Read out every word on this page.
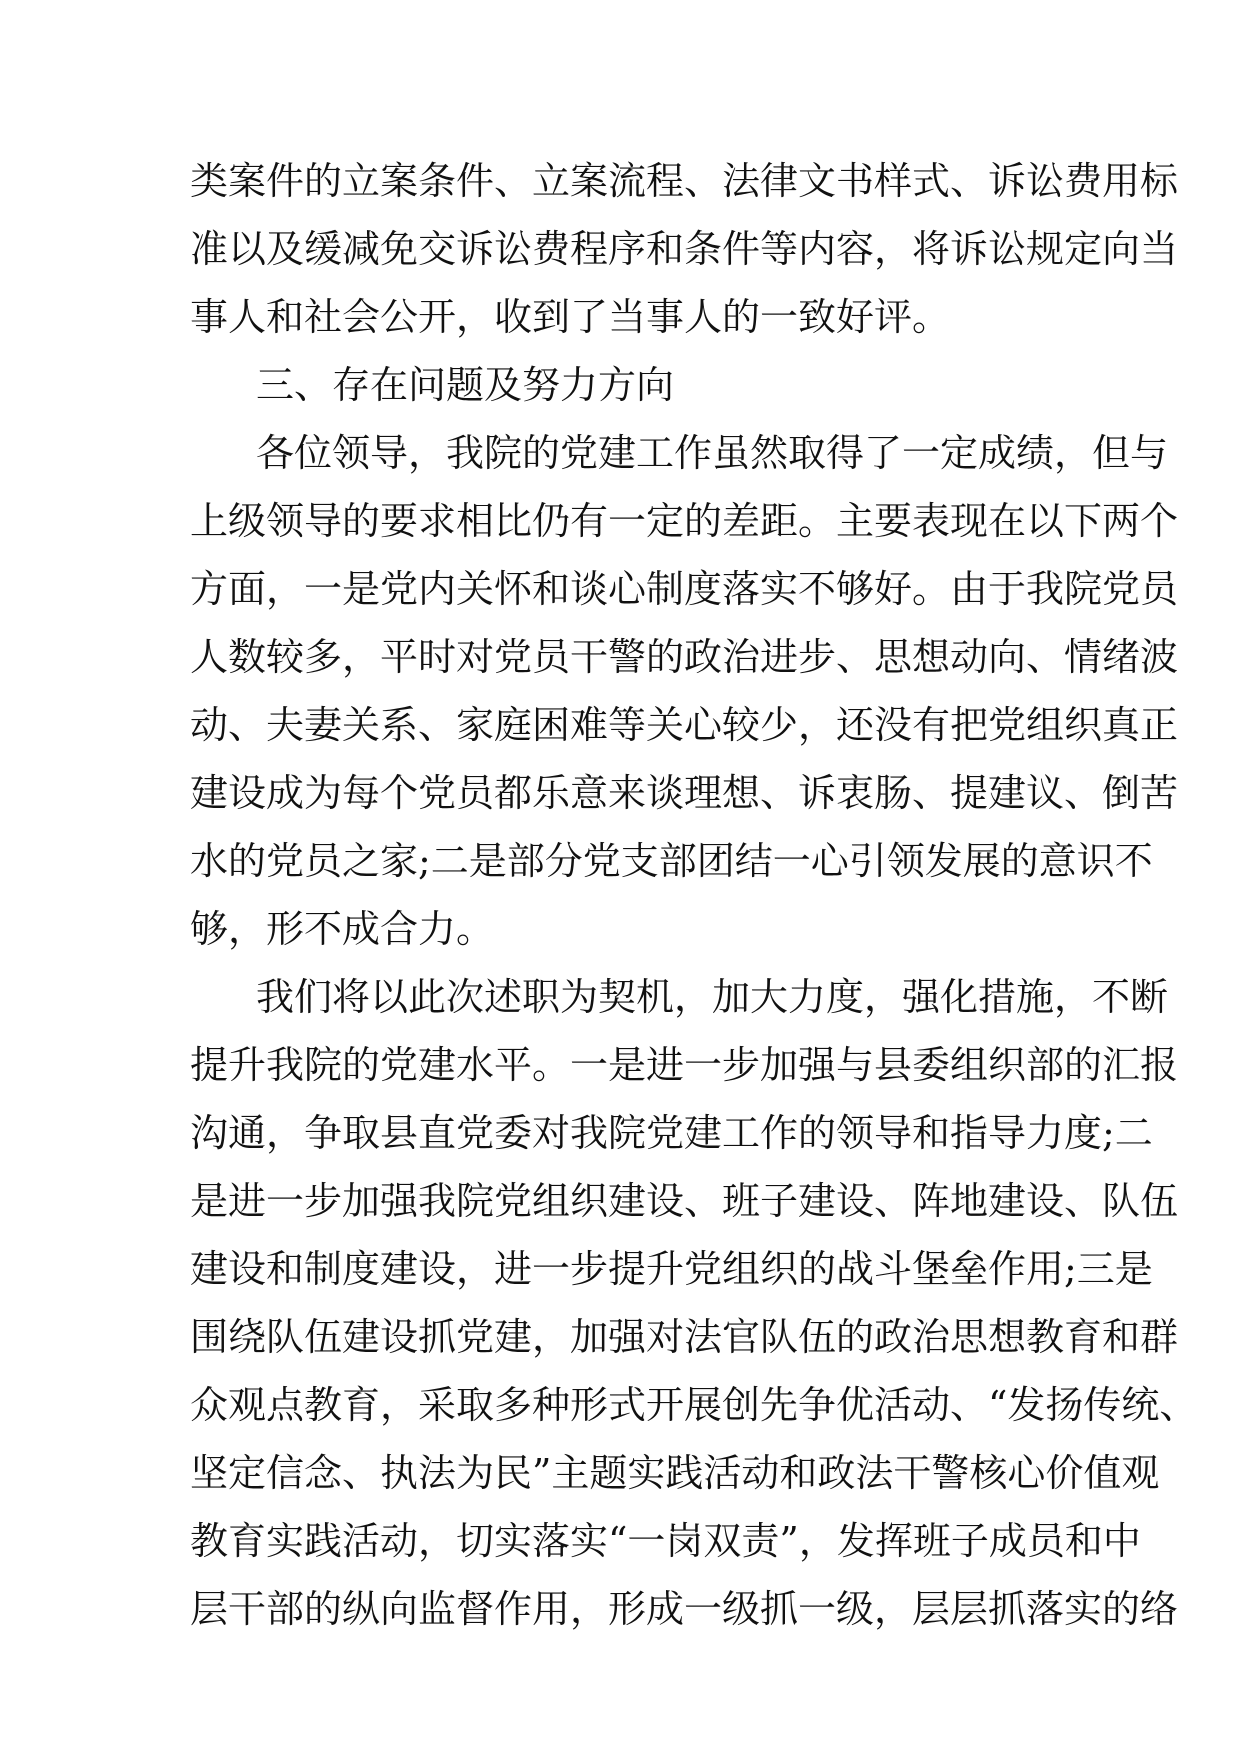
类案件的立案条件、立案流程、法律文书样式、诉讼费用标
准以及缓减免交诉讼费程序和条件等内容，将诉讼规定向当
事人和社会公开，收到了当事人的一致好评。
三、存在问题及努力方向
各位领导，我院的党建工作虽然取得了一定成绩，但与
上级领导的要求相比仍有一定的差距。主要表现在以下两个
方面，一是党内关怀和谈心制度落实不够好。由于我院党员
人数较多，平时对党员干警的政治进步、思想动向、情绪波
动、夫妻关系、家庭困难等关心较少，还没有把党组织真正
建设成为每个党员都乐意来谈理想、诉衷肠、提建议、倒苦
水的党员之家;二是部分党支部团结一心引领发展的意识不
够，形不成合力。
我们将以此次述职为契机，加大力度，强化措施，不断
提升我院的党建水平。一是进一步加强与县委组织部的汇报
沟通，争取县直党委对我院党建工作的领导和指导力度;二
是进一步加强我院党组织建设、班子建设、阵地建设、队伍
建设和制度建设，进一步提升党组织的战斗堡垒作用;三是
围绕队伍建设抓党建，加强对法官队伍的政治思想教育和群
众观点教育，采取多种形式开展创先争优活动、“发扬传统、
坚定信念、执法为民”主题实践活动和政法干警核心价值观
教育实践活动，切实落实“一岗双责”，发挥班子成员和中
层干部的纵向监督作用，形成一级抓一级，层层抓落实的络
